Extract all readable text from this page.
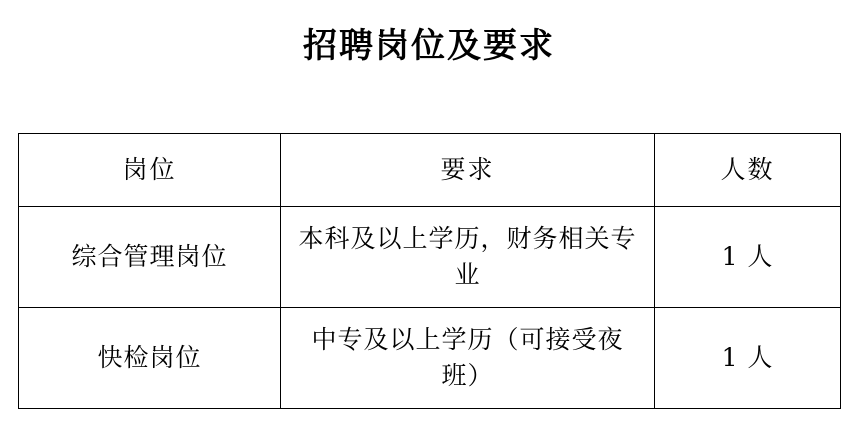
招聘岗位及要求
岗位	要求	人数
综合管理岗位	本科及以上学历，财务相关专业	1 人
快检岗位	中专及以上学历（可接受夜班）	1 人
